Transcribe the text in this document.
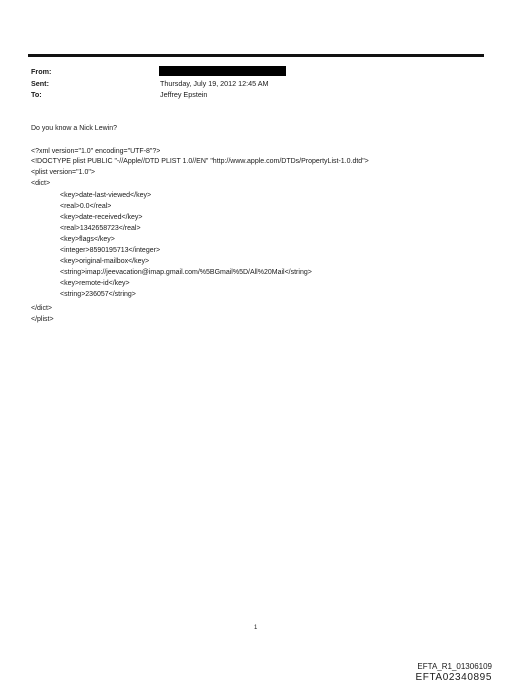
From:
Sent:	Thursday, July 19, 2012 12:45 AM
To:	Jeffrey Epstein
Do you know a Nick Lewin?
<?xml version="1.0" encoding="UTF-8"?>
<!DOCTYPE plist PUBLIC "-//Apple//DTD PLIST 1.0//EN" "http://www.apple.com/DTDs/PropertyList-1.0.dtd">
<plist version="1.0">
<dict>
<key>date-last-viewed</key>
<real>0.0</real>
<key>date-received</key>
<real>1342658723</real>
<key>flags</key>
<integer>8590195713</integer>
<key>original-mailbox</key>
<string>imap://jeevacation@imap.gmail.com/%5BGmail%5D/All%20Mail</string>
<key>remote-id</key>
<string>236057</string>
</dict>
</plist>
1
EFTA_R1_01306109
EFTA02340895
